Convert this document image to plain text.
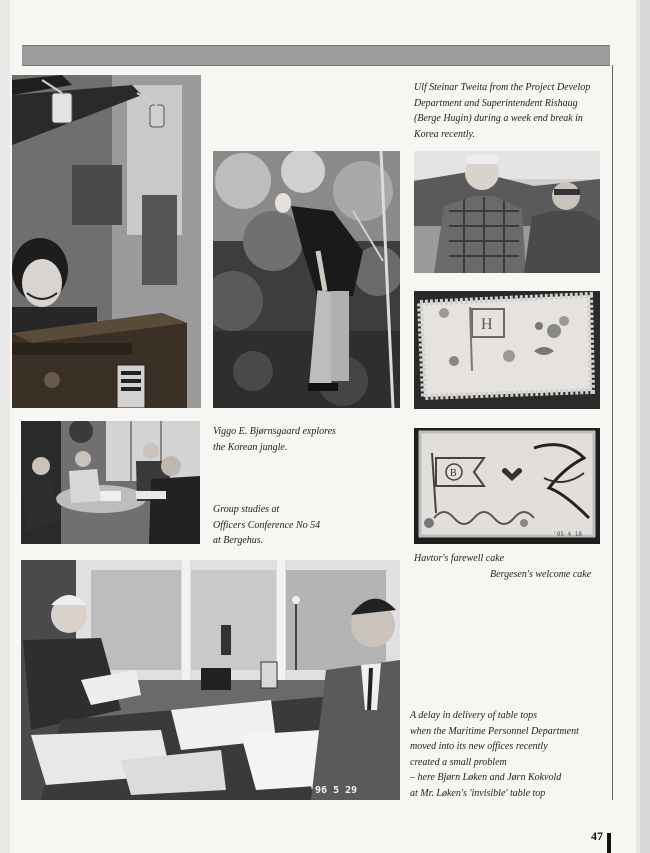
Ulf Steinar Tweita from the Project Develop
Department and Superintendent Rishaug
(Berge Hugin) during a week end break in
Korea recently.

H

Viggo E. Bjørnsgaard explores
the Korean jungle.

Group studies at
Officers Conference No 54
at Bergehus.

B
'95 4 18

Havtor's farewell cake

Bergesen's welcome cake

'96 5 29

A delay in delivery of table tops
when the Maritime Personnel Department
moved into its new offices recently
created a small problem
– here Bjørn Løken and Jørn Kokvold
at Mr. Løken's 'invisible' table top

47
